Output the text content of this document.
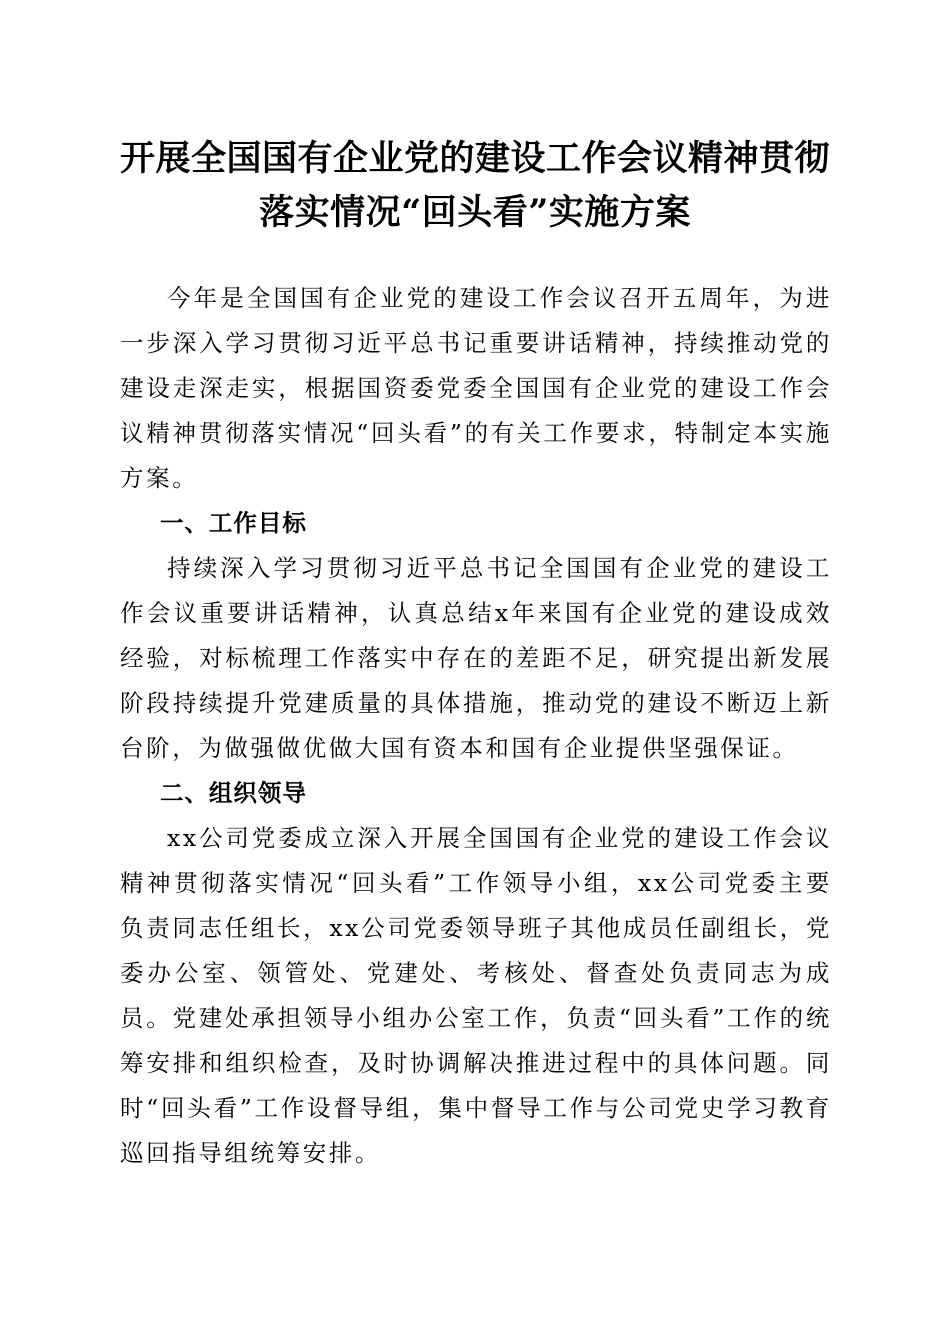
开展全国国有企业党的建设工作会议精神贯彻
落实情况“回头看”实施方案

今年是全国国有企业党的建设工作会议召开五周年，为进一步深入学习贯彻习近平总书记重要讲话精神，持续推动党的建设走深走实，根据国资委党委全国国有企业党的建设工作会议精神贯彻落实情况“回头看”的有关工作要求，特制定本实施方案。

一、工作目标

持续深入学习贯彻习近平总书记全国国有企业党的建设工作会议重要讲话精神，认真总结x年来国有企业党的建设成效经验，对标梳理工作落实中存在的差距不足，研究提出新发展阶段持续提升党建质量的具体措施，推动党的建设不断迈上新台阶，为做强做优做大国有资本和国有企业提供坚强保证。

二、组织领导

xx公司党委成立深入开展全国国有企业党的建设工作会议精神贯彻落实情况“回头看”工作领导小组，xx公司党委主要负责同志任组长，xx公司党委领导班子其他成员任副组长，党委办公室、领管处、党建处、考核处、督查处负责同志为成员。党建处承担领导小组办公室工作，负责“回头看”工作的统筹安排和组织检查，及时协调解决推进过程中的具体问题。同时“回头看”工作设督导组，集中督导工作与公司党史学习教育巡回指导组统筹安排。
